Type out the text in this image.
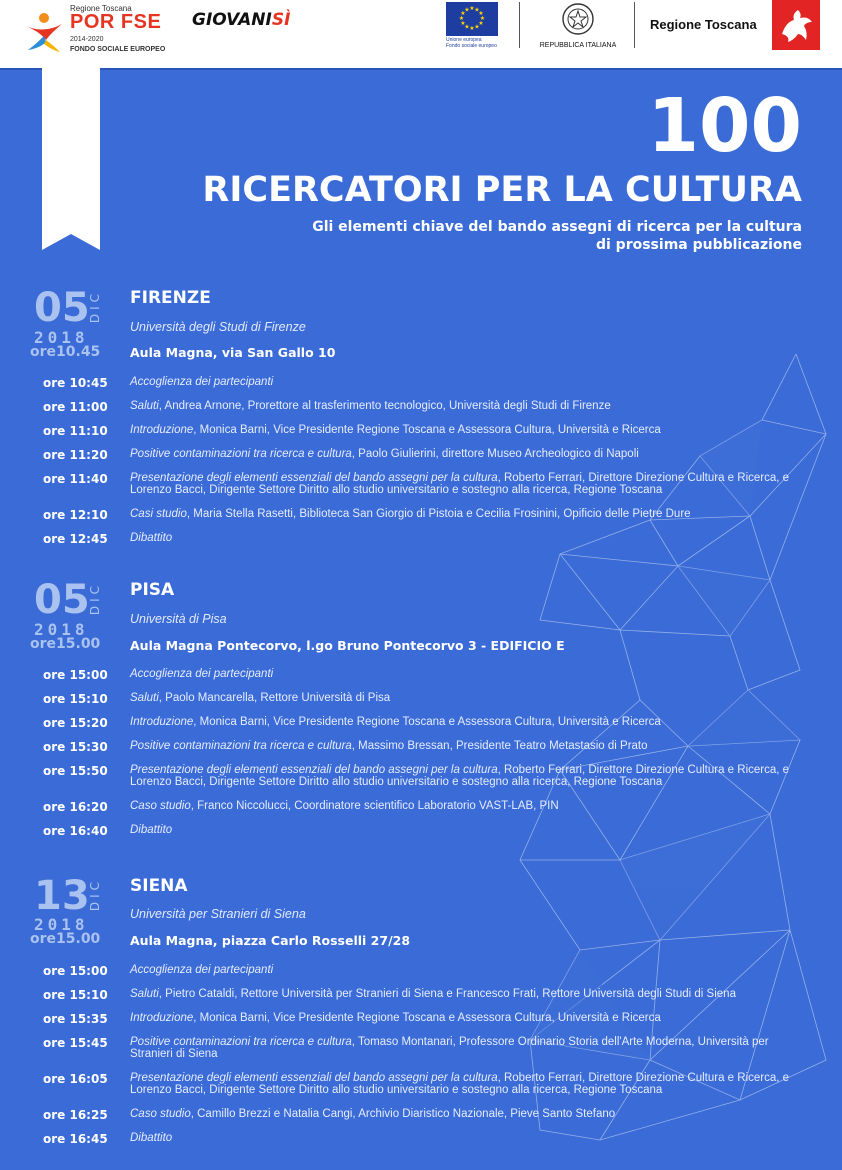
Regione Toscana
POR FSE
2014-2020
FONDO SOCIALE EUROPEO
GIOVANISÌ
★ ★
★
★
★
★
★
★
★
★
★
★
Unione europea
Fondo sociale europeo	REPUBBLICA ITALIANA
Regione Toscana
100
RICERCATORI PER LA CULTURA
Gli elementi chiave del bando assegni di ricerca per la cultura
di prossima pubblicazione
05
DIC
2018
ore10.45
FIRENZE
Università degli Studi di Firenze
Aula Magna, via San Gallo 10
ore 10:45	Accoglienza dei partecipanti
ore 11:00	Saluti, Andrea Arnone, Prorettore al trasferimento tecnologico, Università degli Studi di Firenze
ore 11:10	Introduzione, Monica Barni, Vice Presidente Regione Toscana e Assessora Cultura, Università e Ricerca
ore 11:20	Positive contaminazioni tra ricerca e cultura, Paolo Giulierini, direttore Museo Archeologico di Napoli
ore 11:40	Presentazione degli elementi essenziali del bando assegni per la cultura, Roberto Ferrari, Direttore Direzione Cultura e Ricerca, e Lorenzo Bacci, Dirigente Settore Diritto allo studio universitario e sostegno alla ricerca, Regione Toscana
ore 12:10	Casi studio, Maria Stella Rasetti, Biblioteca San Giorgio di Pistoia e Cecilia Frosinini, Opificio delle Pietre Dure
ore 12:45	Dibattito
05
DIC
2018
ore15.00
PISA
Università di Pisa
Aula Magna Pontecorvo, l.go Bruno Pontecorvo 3 - EDIFICIO E
ore 15:00	Accoglienza dei partecipanti
ore 15:10	Saluti, Paolo Mancarella, Rettore Università di Pisa
ore 15:20	Introduzione, Monica Barni, Vice Presidente Regione Toscana e Assessora Cultura, Università e Ricerca
ore 15:30	Positive contaminazioni tra ricerca e cultura, Massimo Bressan, Presidente Teatro Metastasio di Prato
ore 15:50	Presentazione degli elementi essenziali del bando assegni per la cultura, Roberto Ferrari, Direttore Direzione Cultura e Ricerca, e Lorenzo Bacci, Dirigente Settore Diritto allo studio universitario e sostegno alla ricerca, Regione Toscana
ore 16:20	Caso studio, Franco Niccolucci, Coordinatore scientifico Laboratorio VAST-LAB, PIN
ore 16:40	Dibattito
13
DIC
2018
ore15.00
SIENA
Università per Stranieri di Siena
Aula Magna, piazza Carlo Rosselli 27/28
ore 15:00	Accoglienza dei partecipanti
ore 15:10	Saluti, Pietro Cataldi, Rettore Università per Stranieri di Siena e Francesco Frati, Rettore Università degli Studi di Siena
ore 15:35	Introduzione, Monica Barni, Vice Presidente Regione Toscana e Assessora Cultura, Università e Ricerca
ore 15:45	Positive contaminazioni tra ricerca e cultura, Tomaso Montanari, Professore Ordinario Storia dell'Arte Moderna, Università per Stranieri di Siena
ore 16:05	Presentazione degli elementi essenziali del bando assegni per la cultura, Roberto Ferrari, Direttore Direzione Cultura e Ricerca, e Lorenzo Bacci, Dirigente Settore Diritto allo studio universitario e sostegno alla ricerca, Regione Toscana
ore 16:25	Caso studio, Camillo Brezzi e Natalia Cangi, Archivio Diaristico Nazionale, Pieve Santo Stefano
ore 16:45	Dibattito
